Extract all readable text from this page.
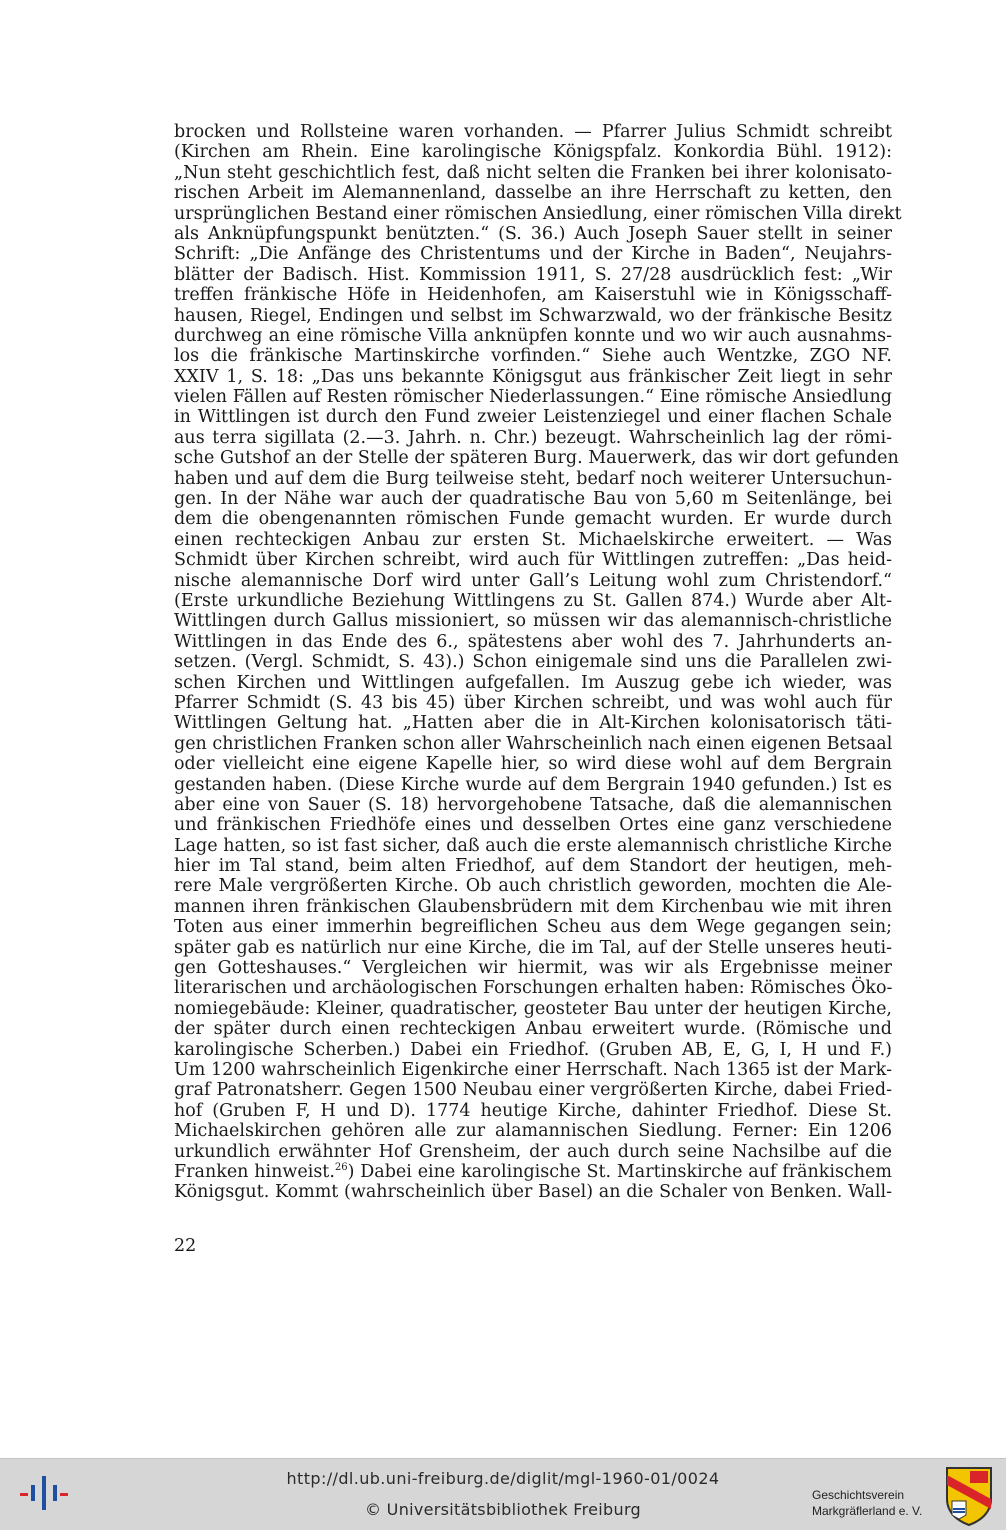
brocken und Rollsteine waren vorhanden. — Pfarrer Julius Schmidt schreibt
(Kirchen am Rhein. Eine karolingische Königspfalz. Konkordia Bühl. 1912):
„Nun steht geschichtlich fest, daß nicht selten die Franken bei ihrer kolonisato-
rischen Arbeit im Alemannenland, dasselbe an ihre Herrschaft zu ketten, den
ursprünglichen Bestand einer römischen Ansiedlung, einer römischen Villa direkt
als Anknüpfungspunkt benützten.“ (S. 36.) Auch Joseph Sauer stellt in seiner
Schrift: „Die Anfänge des Christentums und der Kirche in Baden“, Neujahrs-
blätter der Badisch. Hist. Kommission 1911, S. 27/28 ausdrücklich fest: „Wir
treffen fränkische Höfe in Heidenhofen, am Kaiserstuhl wie in Königsschaff-
hausen, Riegel, Endingen und selbst im Schwarzwald, wo der fränkische Besitz
durchweg an eine römische Villa anknüpfen konnte und wo wir auch ausnahms-
los die fränkische Martinskirche vorfinden.“ Siehe auch Wentzke, ZGO NF.
XXIV 1, S. 18: „Das uns bekannte Königsgut aus fränkischer Zeit liegt in sehr
vielen Fällen auf Resten römischer Niederlassungen.“ Eine römische Ansiedlung
in Wittlingen ist durch den Fund zweier Leistenziegel und einer flachen Schale
aus terra sigillata (2.—3. Jahrh. n. Chr.) bezeugt. Wahrscheinlich lag der römi-
sche Gutshof an der Stelle der späteren Burg. Mauerwerk, das wir dort gefunden
haben und auf dem die Burg teilweise steht, bedarf noch weiterer Untersuchun-
gen. In der Nähe war auch der quadratische Bau von 5,60 m Seitenlänge, bei
dem die obengenannten römischen Funde gemacht wurden. Er wurde durch
einen rechteckigen Anbau zur ersten St. Michaelskirche erweitert. — Was
Schmidt über Kirchen schreibt, wird auch für Wittlingen zutreffen: „Das heid-
nische alemannische Dorf wird unter Gall’s Leitung wohl zum Christendorf.“
(Erste urkundliche Beziehung Wittlingens zu St. Gallen 874.) Wurde aber Alt-
Wittlingen durch Gallus missioniert, so müssen wir das alemannisch-christliche
Wittlingen in das Ende des 6., spätestens aber wohl des 7. Jahrhunderts an-
setzen. (Vergl. Schmidt, S. 43).) Schon einigemale sind uns die Parallelen zwi-
schen Kirchen und Wittlingen aufgefallen. Im Auszug gebe ich wieder, was
Pfarrer Schmidt (S. 43 bis 45) über Kirchen schreibt, und was wohl auch für
Wittlingen Geltung hat. „Hatten aber die in Alt-Kirchen kolonisatorisch täti-
gen christlichen Franken schon aller Wahrscheinlich nach einen eigenen Betsaal
oder vielleicht eine eigene Kapelle hier, so wird diese wohl auf dem Bergrain
gestanden haben. (Diese Kirche wurde auf dem Bergrain 1940 gefunden.) Ist es
aber eine von Sauer (S. 18) hervorgehobene Tatsache, daß die alemannischen
und fränkischen Friedhöfe eines und desselben Ortes eine ganz verschiedene
Lage hatten, so ist fast sicher, daß auch die erste alemannisch christliche Kirche
hier im Tal stand, beim alten Friedhof, auf dem Standort der heutigen, meh-
rere Male vergrößerten Kirche. Ob auch christlich geworden, mochten die Ale-
mannen ihren fränkischen Glaubensbrüdern mit dem Kirchenbau wie mit ihren
Toten aus einer immerhin begreiflichen Scheu aus dem Wege gegangen sein;
später gab es natürlich nur eine Kirche, die im Tal, auf der Stelle unseres heuti-
gen Gotteshauses.“ Vergleichen wir hiermit, was wir als Ergebnisse meiner
literarischen und archäologischen Forschungen erhalten haben: Römisches Öko-
nomiegebäude: Kleiner, quadratischer, geosteter Bau unter der heutigen Kirche,
der später durch einen rechteckigen Anbau erweitert wurde. (Römische und
karolingische Scherben.) Dabei ein Friedhof. (Gruben AB, E, G, I, H und F.)
Um 1200 wahrscheinlich Eigenkirche einer Herrschaft. Nach 1365 ist der Mark-
graf Patronatsherr. Gegen 1500 Neubau einer vergrößerten Kirche, dabei Fried-
hof (Gruben F, H und D). 1774 heutige Kirche, dahinter Friedhof. Diese St.
Michaelskirchen gehören alle zur alamannischen Siedlung. Ferner: Ein 1206
urkundlich erwähnter Hof Grensheim, der auch durch seine Nachsilbe auf die
Franken hinweist.$^{26}$) Dabei eine karolingische St. Martinskirche auf fränkischem
Königsgut. Kommt (wahrscheinlich über Basel) an die Schaler von Benken. Wall-
22
http://dl.ub.uni-freiburg.de/diglit/mgl-1960-01/0024
© Universitätsbibliothek Freiburg
Geschichtsverein
Markgräflerland e. V.
